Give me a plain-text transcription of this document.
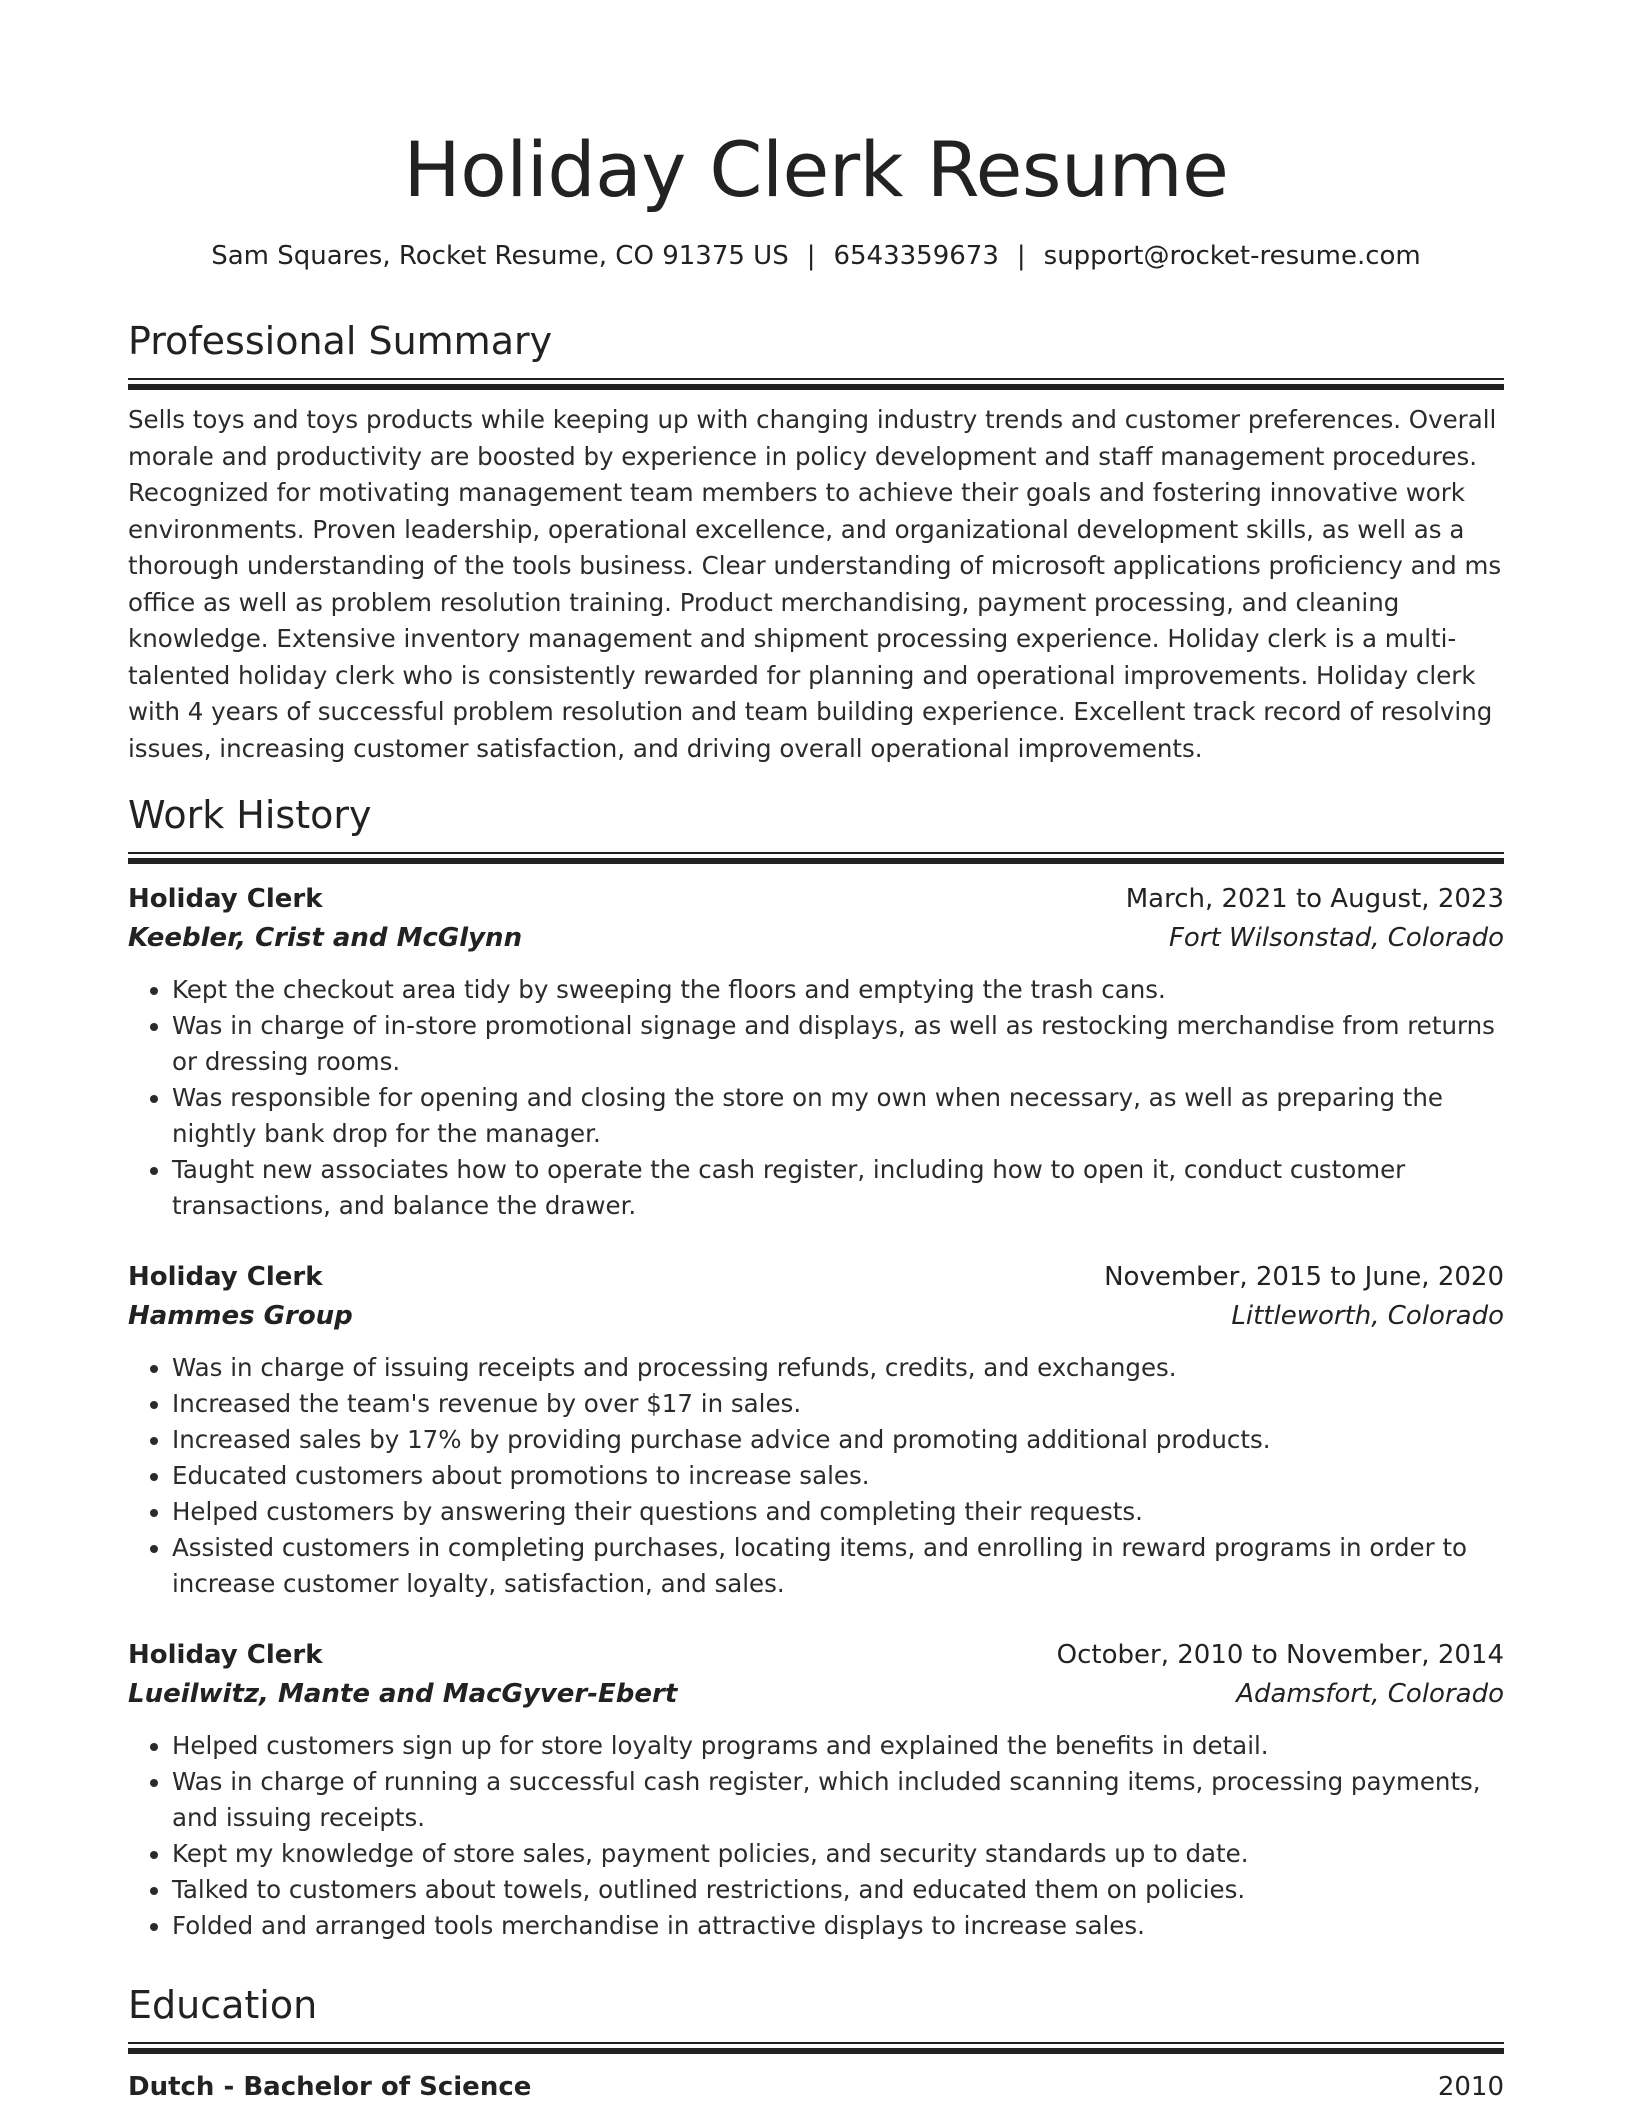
Holiday Clerk Resume
Sam Squares, Rocket Resume, CO 91375 US | 6543359673 | support@rocket-resume.com
Professional Summary
Sells toys and toys products while keeping up with changing industry trends and customer preferences. Overall morale and productivity are boosted by experience in policy development and staff management procedures. Recognized for motivating management team members to achieve their goals and fostering innovative work environments. Proven leadership, operational excellence, and organizational development skills, as well as a thorough understanding of the tools business. Clear understanding of microsoft applications proficiency and ms office as well as problem resolution training. Product merchandising, payment processing, and cleaning knowledge. Extensive inventory management and shipment processing experience. Holiday clerk is a multi-talented holiday clerk who is consistently rewarded for planning and operational improvements. Holiday clerk with 4 years of successful problem resolution and team building experience. Excellent track record of resolving issues, increasing customer satisfaction, and driving overall operational improvements.
Work History
Holiday Clerk	March, 2021 to August, 2023
Keebler, Crist and McGlynn	Fort Wilsonstad, Colorado
• Kept the checkout area tidy by sweeping the floors and emptying the trash cans.
• Was in charge of in-store promotional signage and displays, as well as restocking merchandise from returns or dressing rooms.
• Was responsible for opening and closing the store on my own when necessary, as well as preparing the nightly bank drop for the manager.
• Taught new associates how to operate the cash register, including how to open it, conduct customer transactions, and balance the drawer.
Holiday Clerk	November, 2015 to June, 2020
Hammes Group	Littleworth, Colorado
• Was in charge of issuing receipts and processing refunds, credits, and exchanges.
• Increased the team's revenue by over $17 in sales.
• Increased sales by 17% by providing purchase advice and promoting additional products.
• Educated customers about promotions to increase sales.
• Helped customers by answering their questions and completing their requests.
• Assisted customers in completing purchases, locating items, and enrolling in reward programs in order to increase customer loyalty, satisfaction, and sales.
Holiday Clerk	October, 2010 to November, 2014
Lueilwitz, Mante and MacGyver-Ebert	Adamsfort, Colorado
• Helped customers sign up for store loyalty programs and explained the benefits in detail.
• Was in charge of running a successful cash register, which included scanning items, processing payments, and issuing receipts.
• Kept my knowledge of store sales, payment policies, and security standards up to date.
• Talked to customers about towels, outlined restrictions, and educated them on policies.
• Folded and arranged tools merchandise in attractive displays to increase sales.
Education
Dutch - Bachelor of Science	2010
